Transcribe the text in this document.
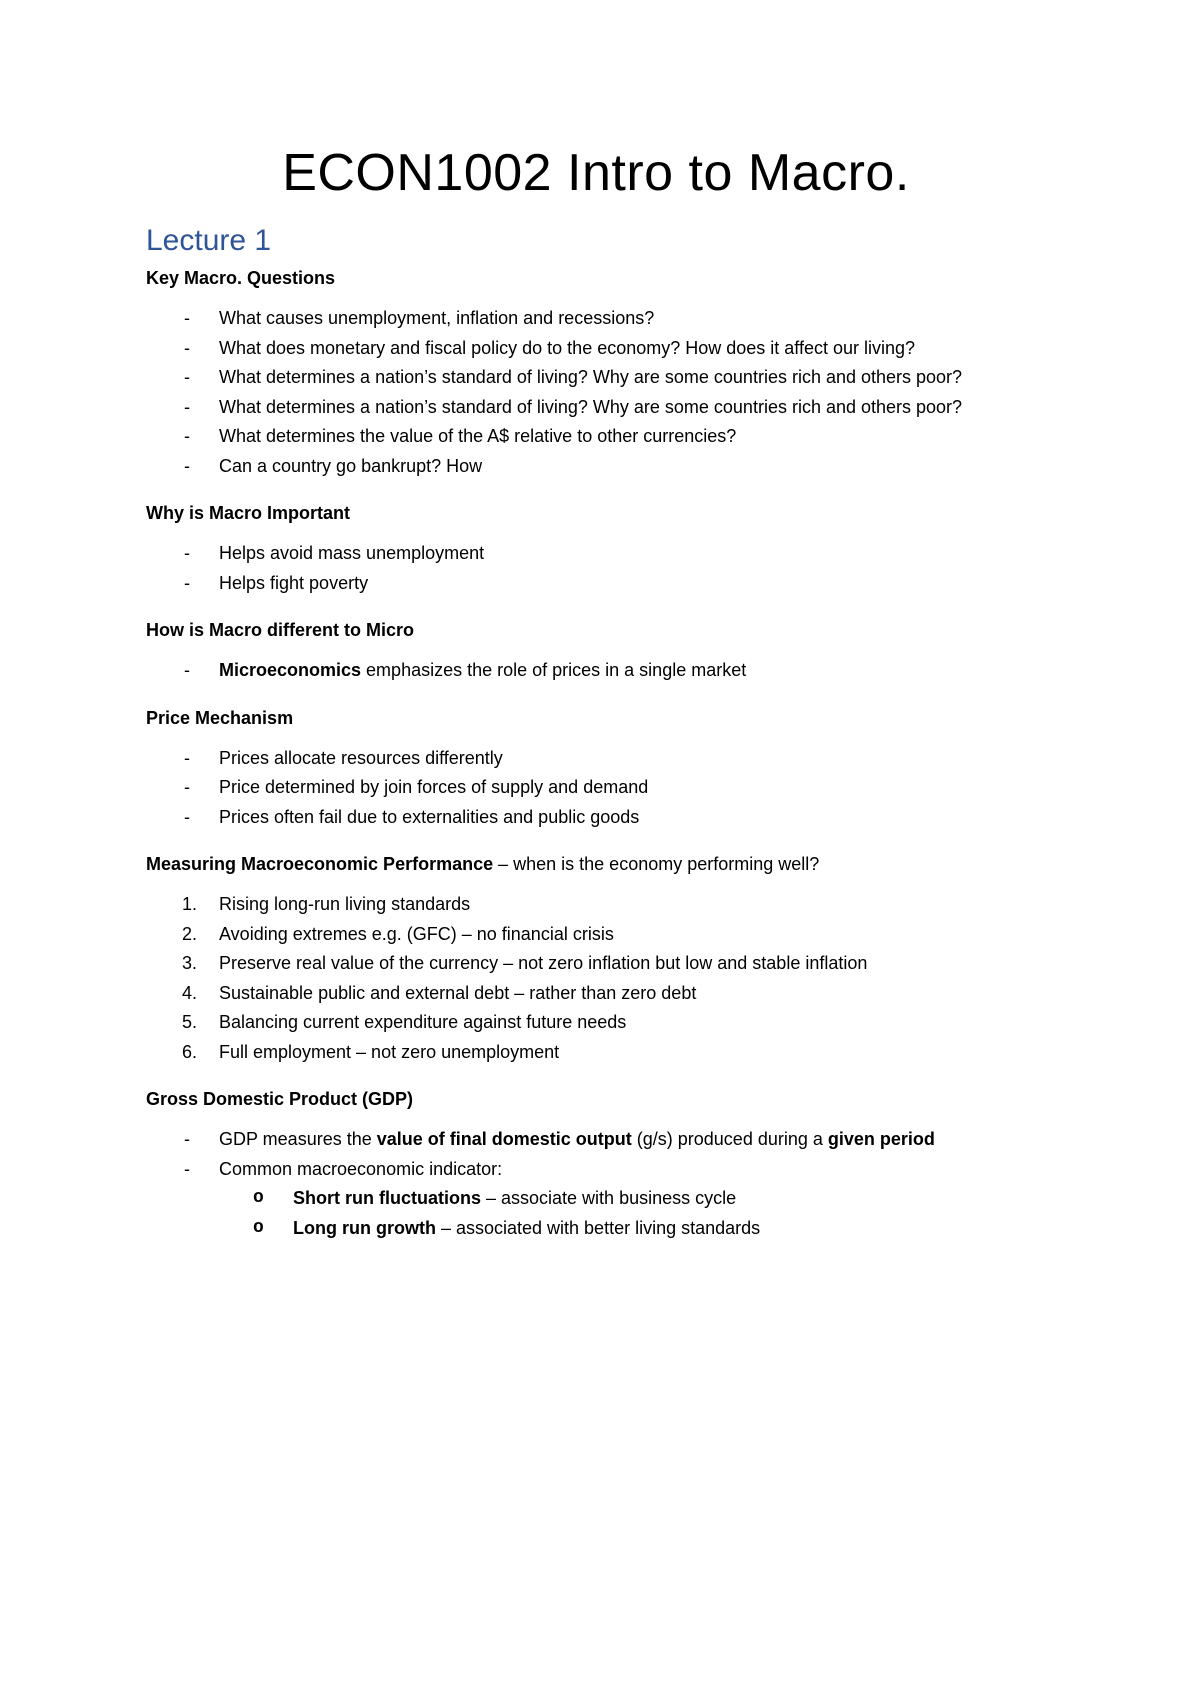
ECON1002 Intro to Macro.
Lecture 1
Key Macro. Questions
- What causes unemployment, inflation and recessions?
- What does monetary and fiscal policy do to the economy? How does it affect our living?
- What determines a nation’s standard of living? Why are some countries rich and others poor?
- What determines a nation’s standard of living? Why are some countries rich and others poor?
- What determines the value of the A$ relative to other currencies?
- Can a country go bankrupt? How
Why is Macro Important
- Helps avoid mass unemployment
- Helps fight poverty
How is Macro different to Micro
- Microeconomics emphasizes the role of prices in a single market
Price Mechanism
- Prices allocate resources differently
- Price determined by join forces of supply and demand
- Prices often fail due to externalities and public goods
Measuring Macroeconomic Performance – when is the economy performing well?
1. Rising long-run living standards
2. Avoiding extremes e.g. (GFC) – no financial crisis
3. Preserve real value of the currency – not zero inflation but low and stable inflation
4. Sustainable public and external debt – rather than zero debt
5. Balancing current expenditure against future needs
6. Full employment – not zero unemployment
Gross Domestic Product (GDP)
- GDP measures the value of final domestic output (g/s) produced during a given period
- Common macroeconomic indicator:
o Short run fluctuations – associate with business cycle
o Long run growth – associated with better living standards
